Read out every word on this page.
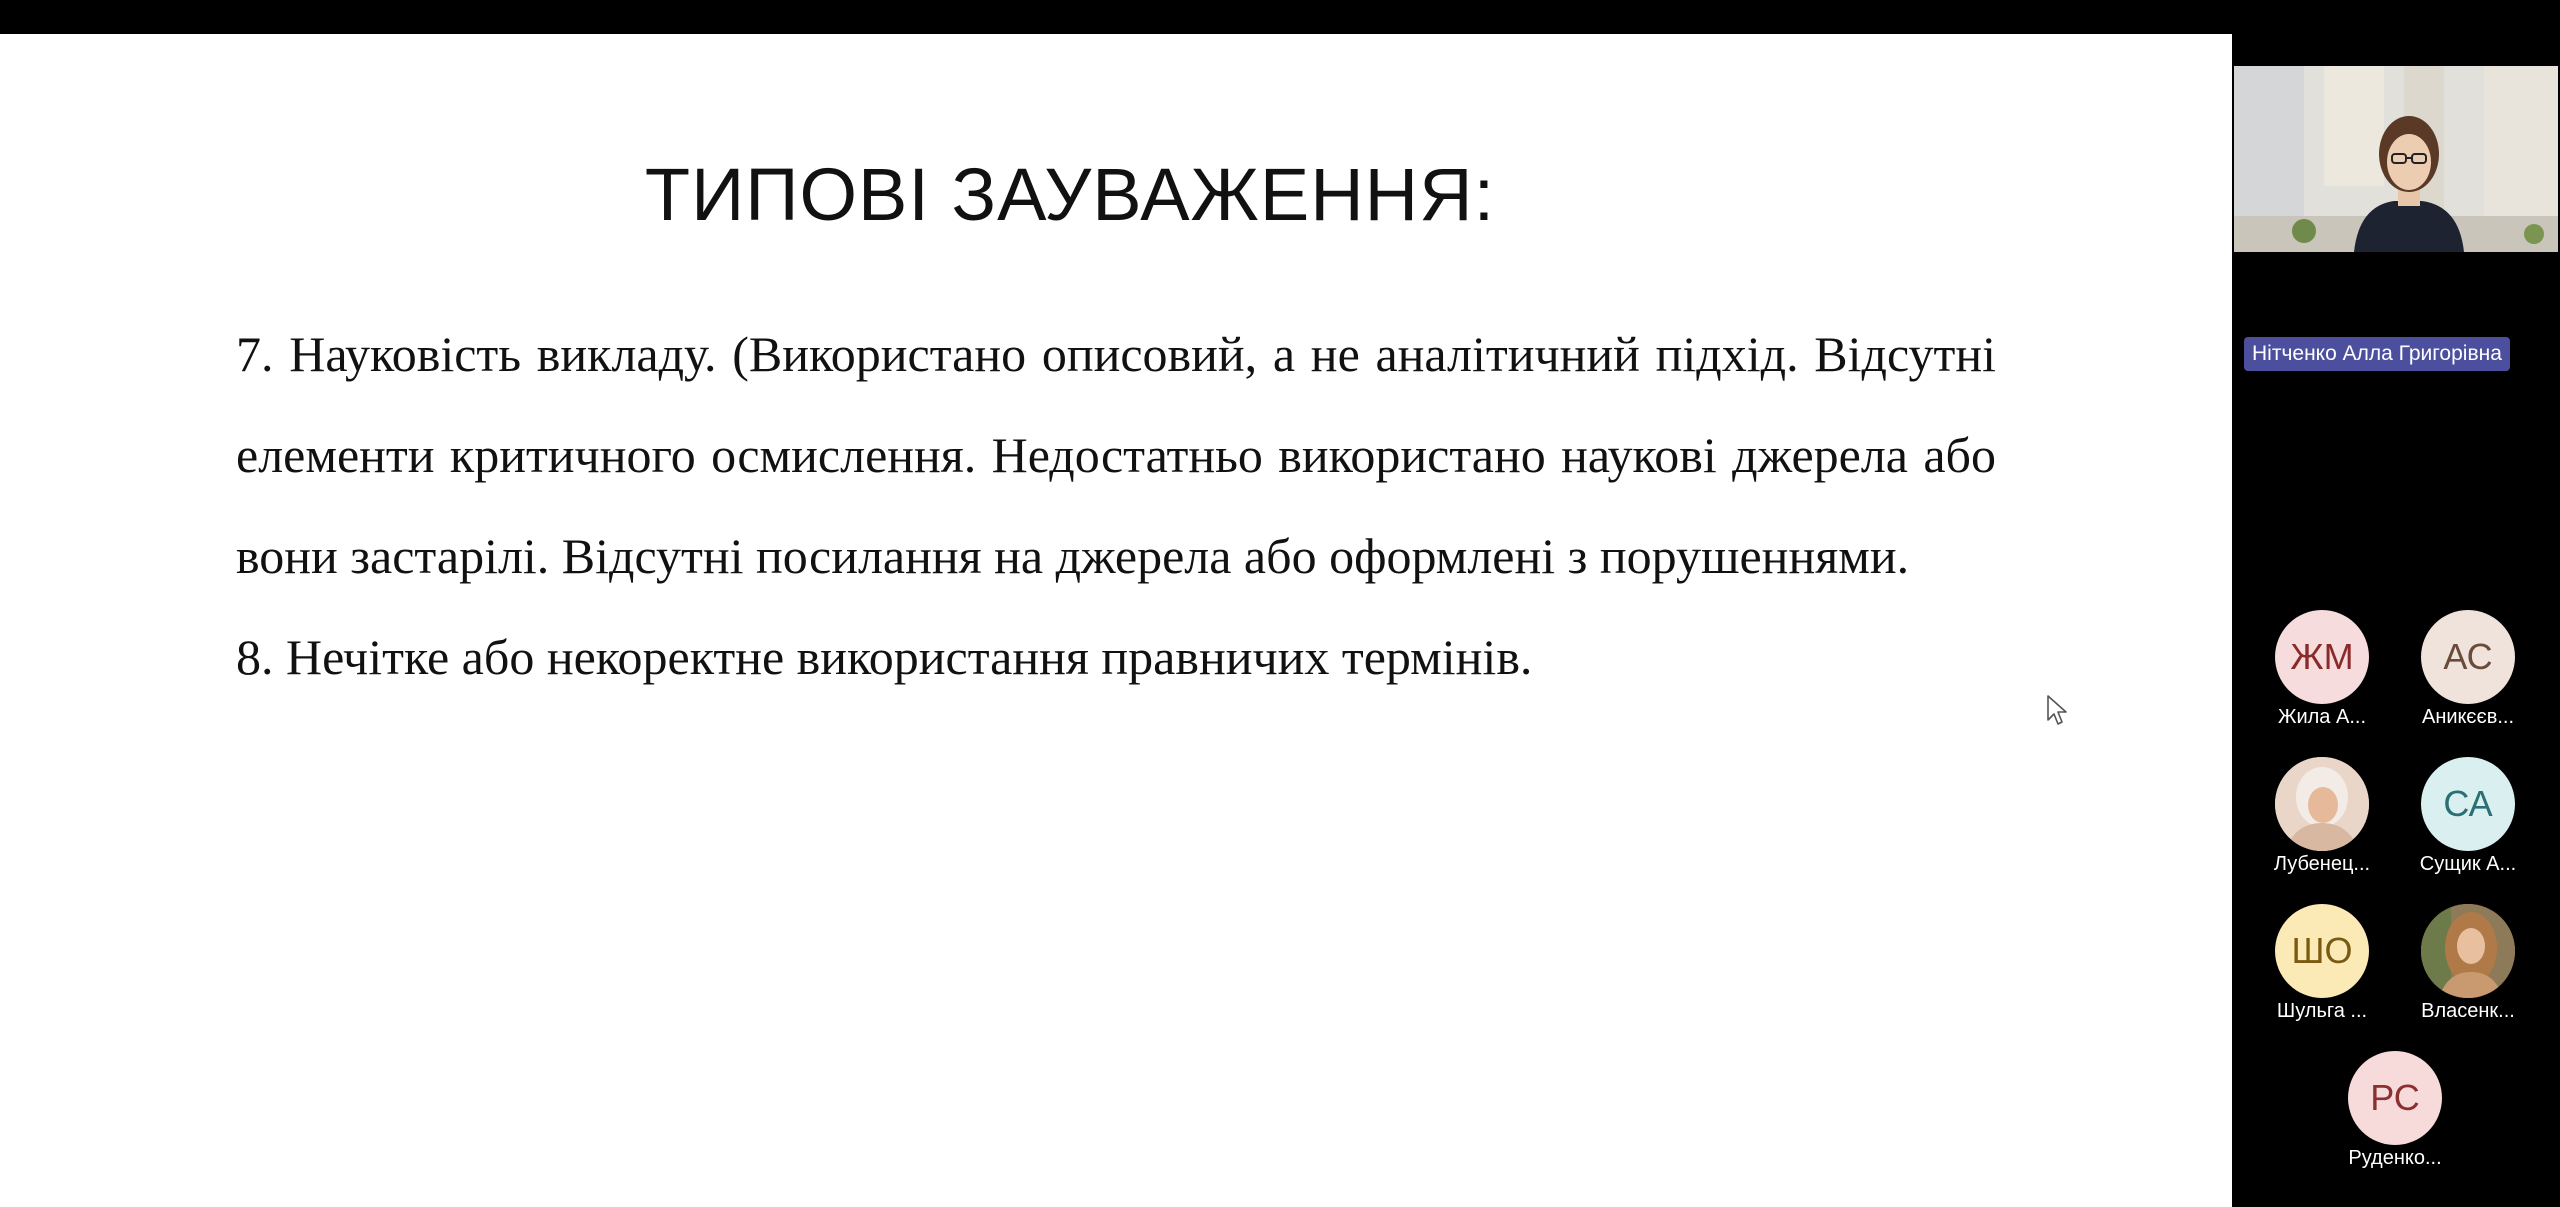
ТИПОВІ ЗАУВАЖЕННЯ:

7. Науковість викладу. (Використано описовий, а не аналітичний підхід. Відсутні елементи критичного осмислення. Недостатньо використано наукові джерела або вони застарілі. Відсутні посилання на джерела або оформлені з порушеннями.

8. Нечітке або некоректне використання правничих термінів.

Нітченко Алла Григорівна
ЖМ
Жила А...
АС
Аникєєв...
Лубенец...
СА
Сущик А...
ШО
Шульга ...	Власенк...
РС
Руденко...
